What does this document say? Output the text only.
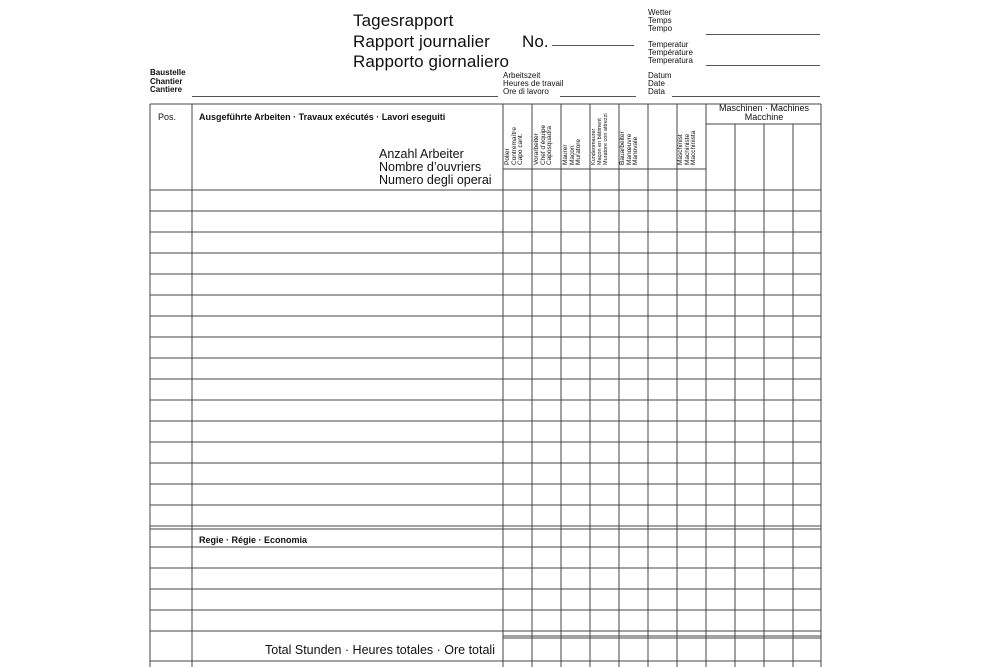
Tagesrapport
Rapport journalier
Rapporto giornaliero
No.
Baustelle
Chantier
Cantiere
Arbeitszeit
Heures de travail
Ore di lavoro
Wetter
Temps
Tempo
Temperatur
Température
Temperatura
Datum
Date
Data
Pos.	Ausgeführte Arbeiten · Travaux exécutés · Lavori eseguiti
Anzahl Arbeiter
Nombre d’ouvriers
Numero degli operai
Polier Contremaître Capo cant. Vorarbeiter Chef d’équipe Caposquadra Maurer Maçon Muratore Kundenmaurer Maçon en bâtiment Muratore con attrezzi Bauarbeiter Manœuvre Manovale	Maschinist Machiniste Macchinista
Maschinen · Machines
Macchine
Regie · Régie · Economia
Total Stunden · Heures totales · Ore totali
